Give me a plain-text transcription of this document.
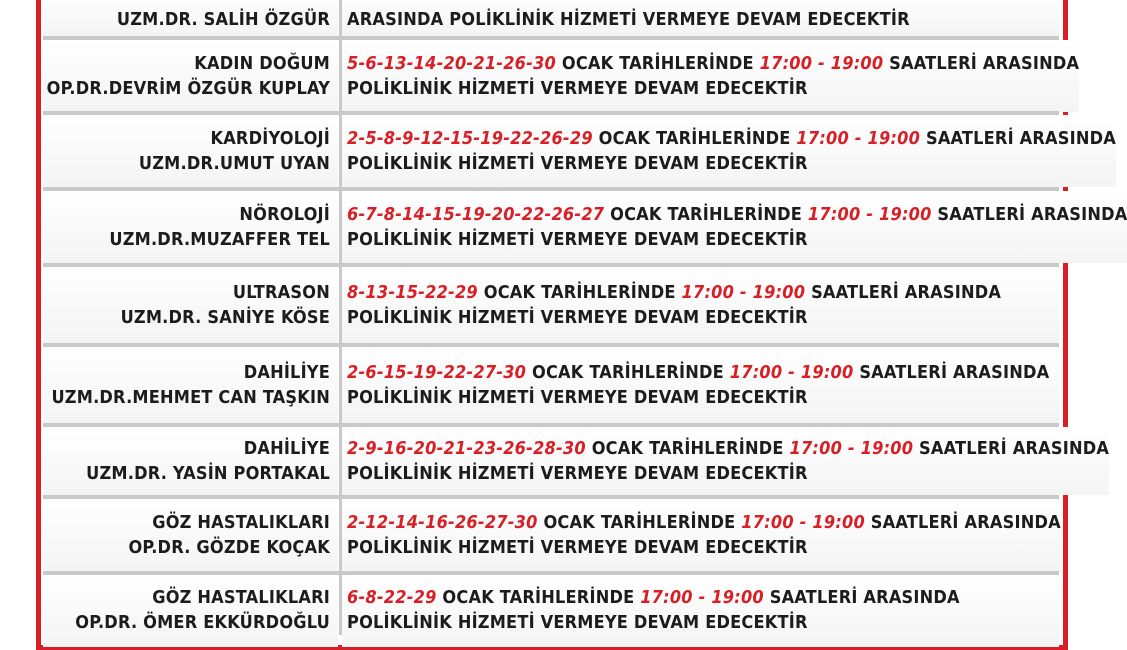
UZM.DR. SALİH ÖZGÜR ARASINDA POLİKLİNİK HİZMETİ VERMEYE DEVAM EDECEKTİR
KADIN DOĞUM
OP.DR.DEVRİM ÖZGÜR KUPLAY
5-6-13-14-20-21-26-30 OCAK TARİHLERİNDE 17:00 - 19:00 SAATLERİ ARASINDA
POLİKLİNİK HİZMETİ VERMEYE DEVAM EDECEKTİR
KARDİYOLOJİ
UZM.DR.UMUT UYAN
2-5-8-9-12-15-19-22-26-29 OCAK TARİHLERİNDE 17:00 - 19:00 SAATLERİ ARASINDA
POLİKLİNİK HİZMETİ VERMEYE DEVAM EDECEKTİR
NÖROLOJİ
UZM.DR.MUZAFFER TEL
6-7-8-14-15-19-20-22-26-27 OCAK TARİHLERİNDE 17:00 - 19:00 SAATLERİ ARASINDA
POLİKLİNİK HİZMETİ VERMEYE DEVAM EDECEKTİR
ULTRASON
UZM.DR. SANİYE KÖSE
8-13-15-22-29 OCAK TARİHLERİNDE 17:00 - 19:00 SAATLERİ ARASINDA
POLİKLİNİK HİZMETİ VERMEYE DEVAM EDECEKTİR
DAHİLİYE
UZM.DR.MEHMET CAN TAŞKIN
2-6-15-19-22-27-30 OCAK TARİHLERİNDE 17:00 - 19:00 SAATLERİ ARASINDA
POLİKLİNİK HİZMETİ VERMEYE DEVAM EDECEKTİR
DAHİLİYE
UZM.DR. YASİN PORTAKAL
2-9-16-20-21-23-26-28-30 OCAK TARİHLERİNDE 17:00 - 19:00 SAATLERİ ARASINDA
POLİKLİNİK HİZMETİ VERMEYE DEVAM EDECEKTİR
GÖZ HASTALIKLARI
OP.DR. GÖZDE KOÇAK
2-12-14-16-26-27-30 OCAK TARİHLERİNDE 17:00 - 19:00 SAATLERİ ARASINDA
POLİKLİNİK HİZMETİ VERMEYE DEVAM EDECEKTİR
GÖZ HASTALIKLARI
OP.DR. ÖMER EKKÜRDOĞLU
6-8-22-29 OCAK TARİHLERİNDE 17:00 - 19:00 SAATLERİ ARASINDA
POLİKLİNİK HİZMETİ VERMEYE DEVAM EDECEKTİR
